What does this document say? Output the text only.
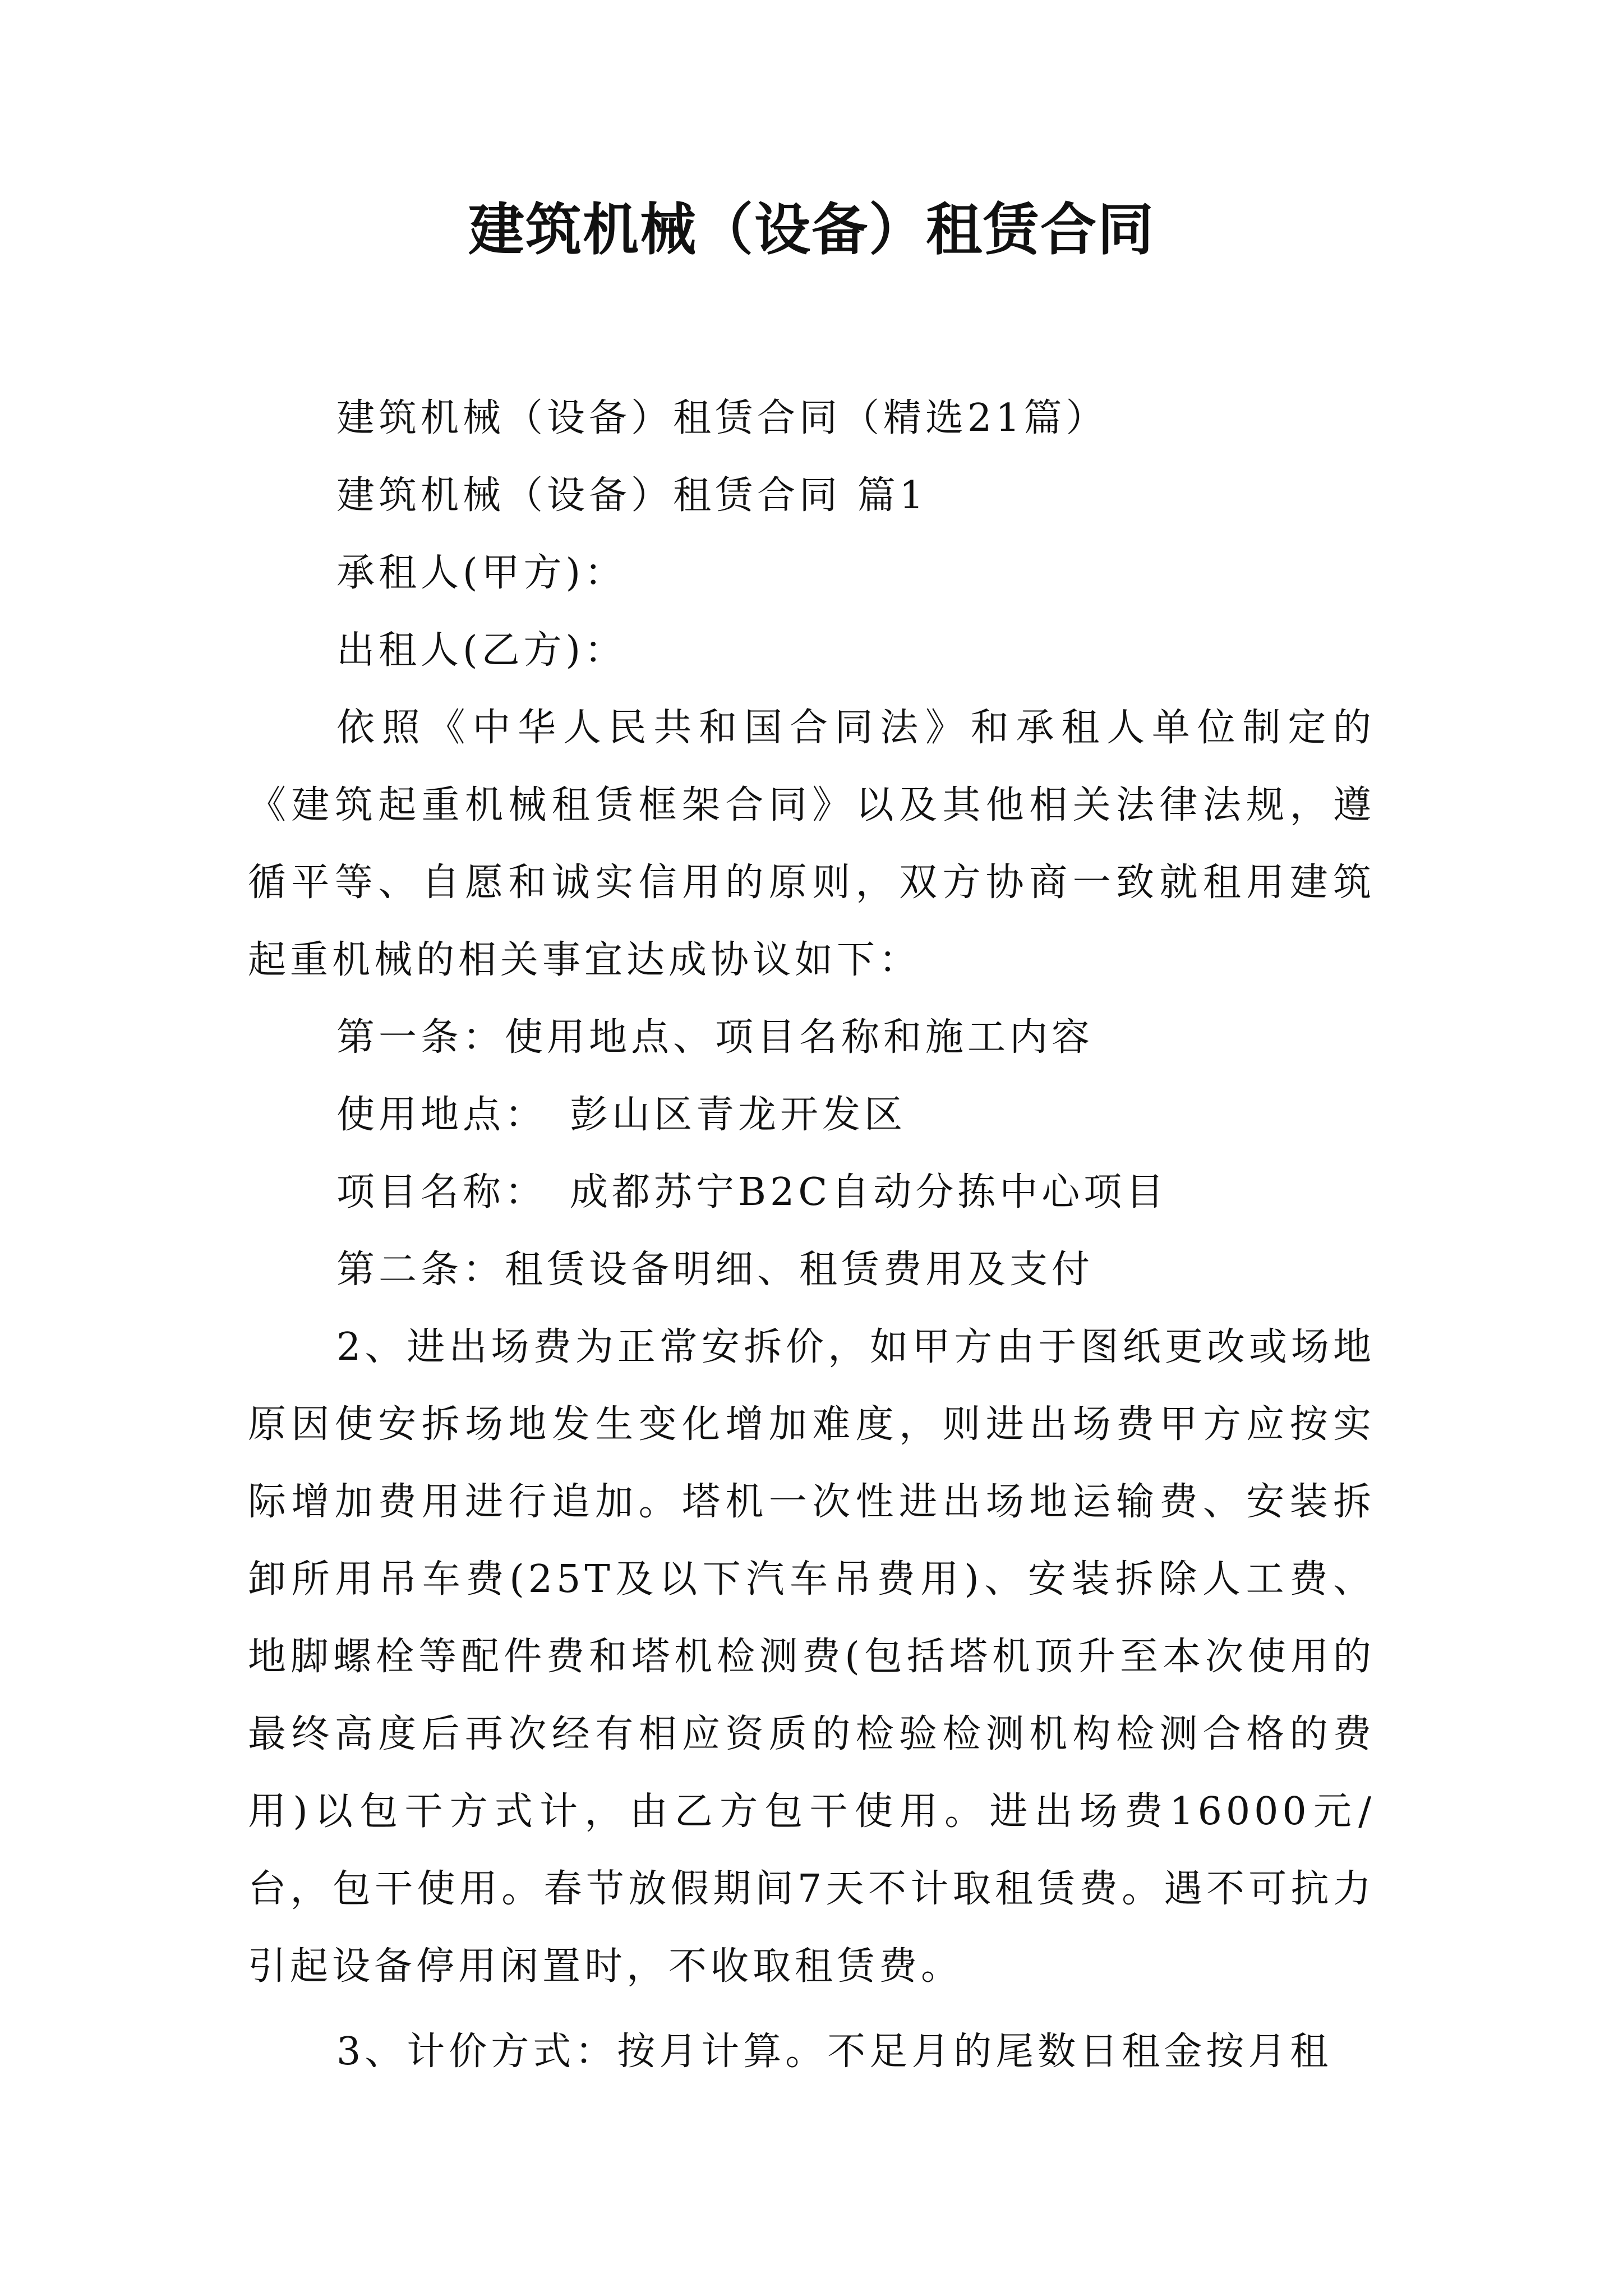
建筑机械（设备）租赁合同

建筑机械（设备）租赁合同（精选21篇）

建筑机械（设备）租赁合同 篇1

承租人(甲方)：

出租人(乙方)：

依照《中华人民共和国合同法》和承租人单位制定的《建筑起重机械租赁框架合同》以及其他相关法律法规，遵循平等、自愿和诚实信用的原则，双方协商一致就租用建筑起重机械的相关事宜达成协议如下：

第一条：使用地点、项目名称和施工内容

使用地点：　彭山区青龙开发区

项目名称：　成都苏宁B2C自动分拣中心项目

第二条：租赁设备明细、租赁费用及支付

2、进出场费为正常安拆价，如甲方由于图纸更改或场地原因使安拆场地发生变化增加难度，则进出场费甲方应按实际增加费用进行追加。塔机一次性进出场地运输费、安装拆卸所用吊车费(25T及以下汽车吊费用)、安装拆除人工费、地脚螺栓等配件费和塔机检测费(包括塔机顶升至本次使用的最终高度后再次经有相应资质的检验检测机构检测合格的费用)以包干方式计，由乙方包干使用。进出场费16000元/台，包干使用。春节放假期间7天不计取租赁费。遇不可抗力引起设备停用闲置时，不收取租赁费。

3、计价方式：按月计算。不足月的尾数日租金按月租
